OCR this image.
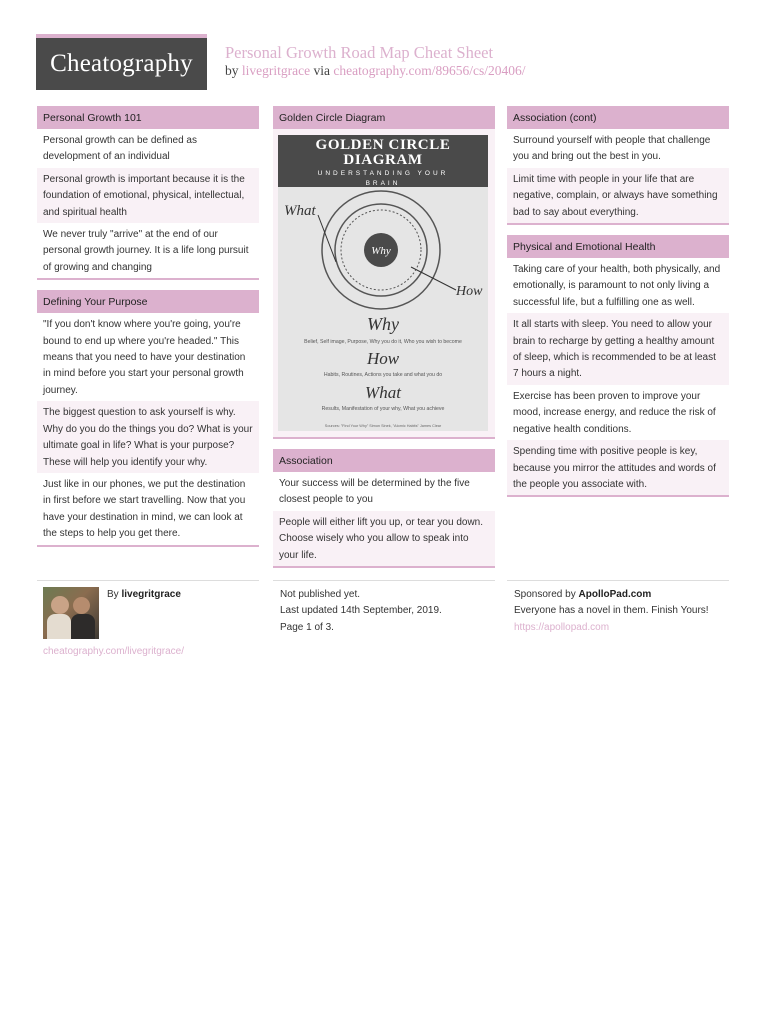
Cheatography Personal Growth Road Map Cheat Sheet
by livegritgrace via cheatography.com/89656/cs/20406/
Personal Growth 101
Personal growth can be defined as development of an individual
Personal growth is important because it is the foundation of emotional, physical, intellectual, and spiritual health
We never truly "arrive" at the end of our personal growth journey. It is a life long pursuit of growing and changing
Defining Your Purpose
"If you don't know where you're going, you're bound to end up where you're headed." This means that you need to have your destination in mind before you start your personal growth journey.
The biggest question to ask yourself is why. Why do you do the things you do? What is your ultimate goal in life? What is your purpose? These will help you identify your why.
Just like in our phones, we put the destination in first before we start travelling. Now that you have your destination in mind, we can look at the steps to help you get there.
Golden Circle Diagram
GOLDEN CIRCLE
DIAGRAM
UNDERSTANDING YOUR
BRAIN
Why
What
How
Why
Belief, Self image, Purpose, Why you do it, Who you wish to become
How
Habits, Routines, Actions you take and what you do
What
Results, Manifestation of your why, What you achieve
Sources: "Find Your Why" Simon Sinek, "Atomic Habits" James Clear
Association
Your success will be determined by the five closest people to you
People will either lift you up, or tear you down. Choose wisely who you allow to speak into your life.
Association (cont)
Surround yourself with people that challenge you and bring out the best in you.
Limit time with people in your life that are negative, complain, or always have something bad to say about everything.
Physical and Emotional Health
Taking care of your health, both physically, and emotionally, is paramount to not only living a successful life, but a fulfilling one as well.
It all starts with sleep. You need to allow your brain to recharge by getting a healthy amount of sleep, which is recommended to be at least 7 hours a night.
Exercise has been proven to improve your mood, increase energy, and reduce the risk of negative health conditions.
Spending time with positive people is key, because you mirror the attitudes and words of the people you associate with.
By livegritgrace
cheatography.com/livegritgrace/
Not published yet.
Last updated 14th September, 2019.
Page 1 of 3.
Sponsored by ApolloPad.com
Everyone has a novel in them. Finish Yours!
https://apollopad.com
